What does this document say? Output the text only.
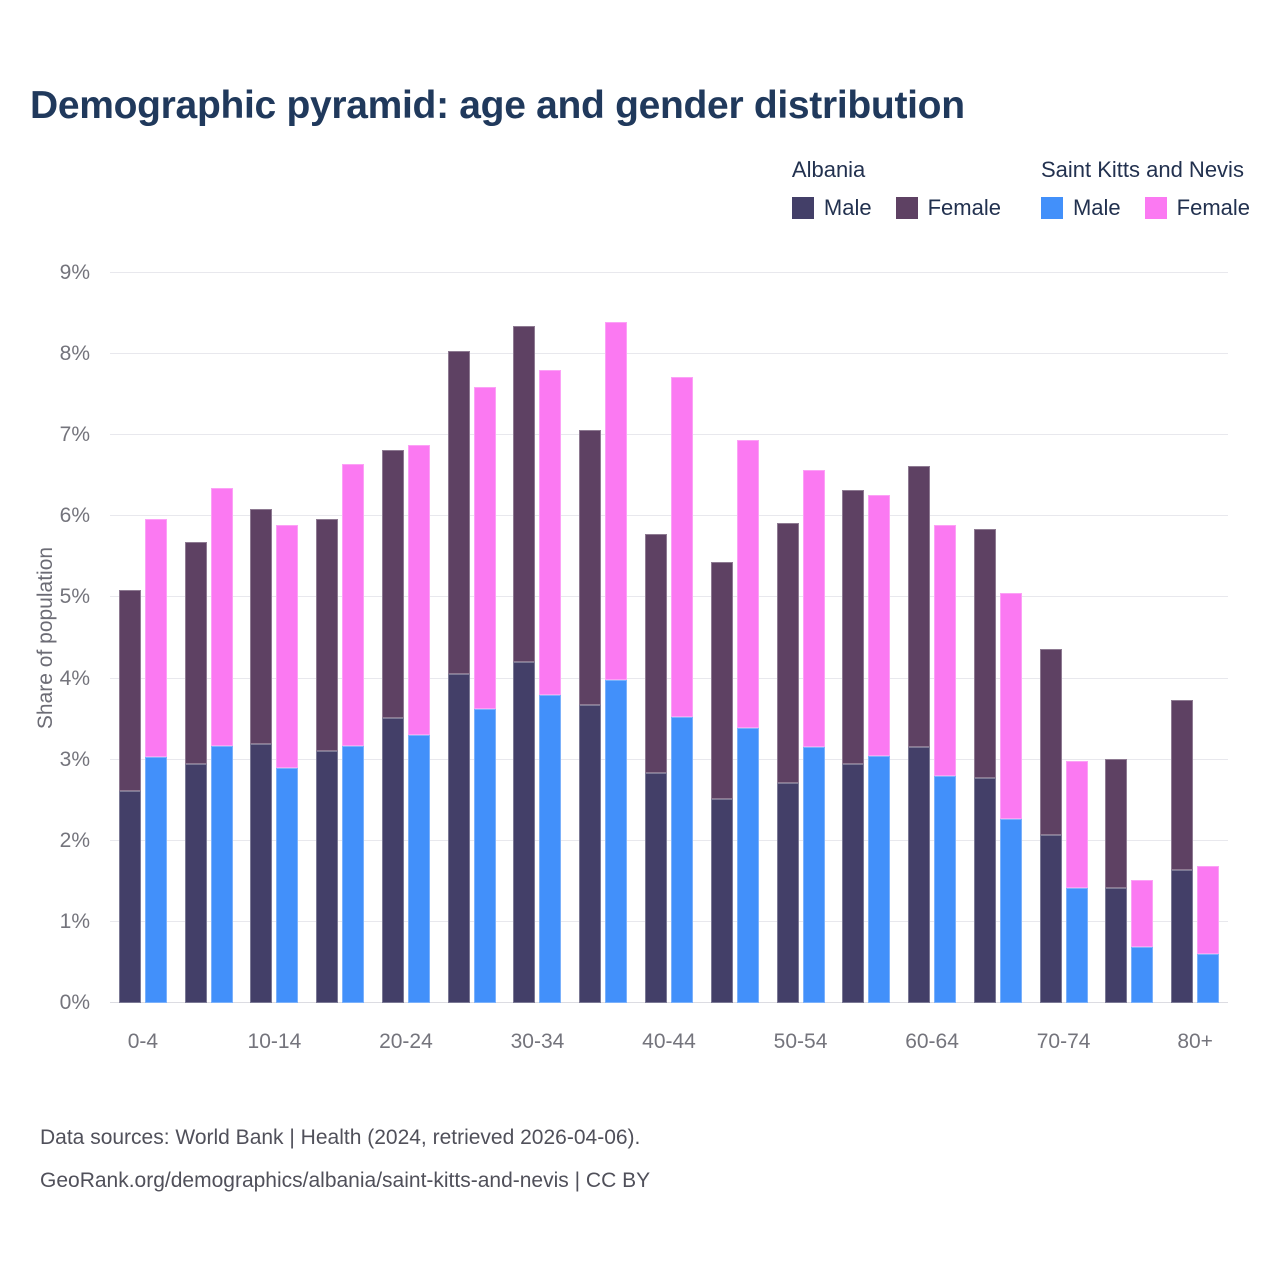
Demographic pyramid: age and gender distribution
Albania
Male	Female
Saint Kitts and Nevis
Male	Female
Share of population
0%
1%
2%
3%
4%
5%
6%
7%
8%
9%
0-4	10-14	20-24	30-34	40-44	50-54	60-64	70-74	80+
Data sources: World Bank | Health (2024, retrieved 2026-04-06).
GeoRank.org/demographics/albania/saint-kitts-and-nevis | CC BY
